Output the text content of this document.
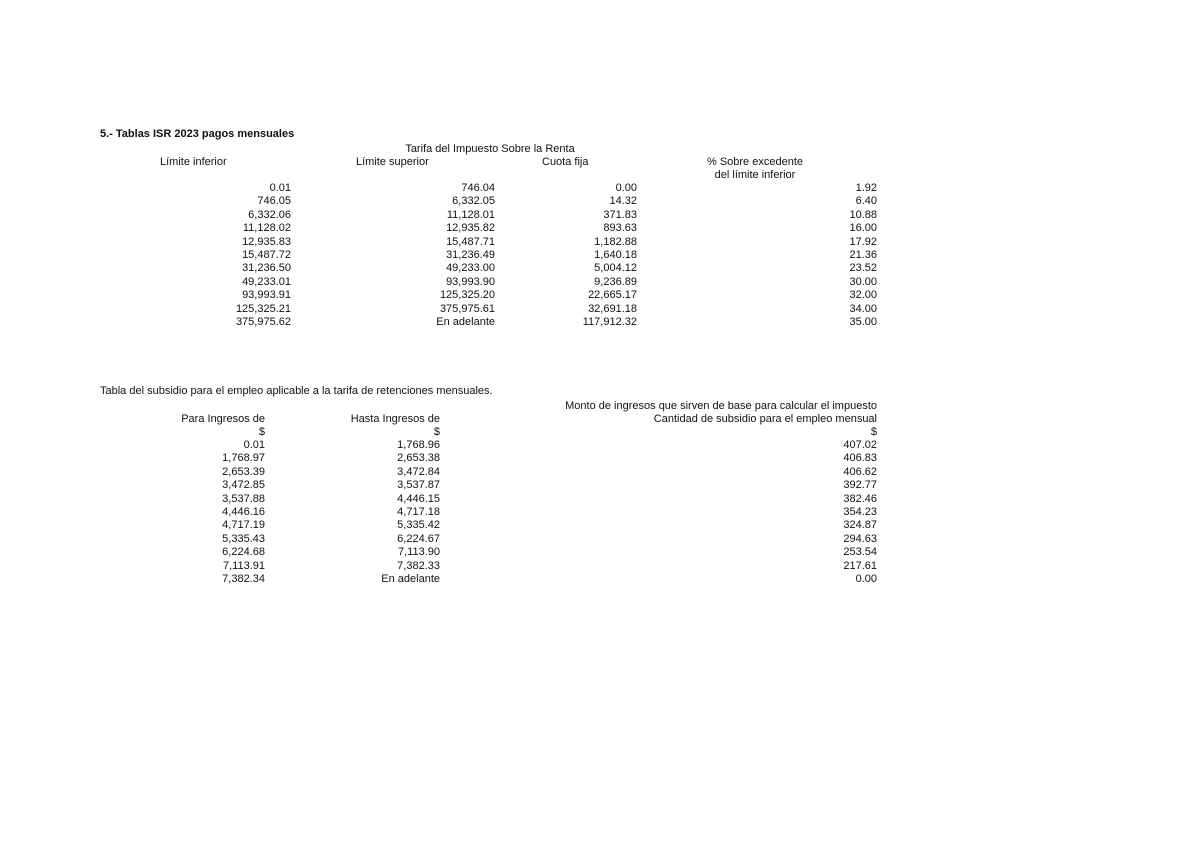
5.- Tablas ISR 2023 pagos mensuales
Tarifa del Impuesto Sobre la Renta
Límite inferior	Límite superior	Cuota fija	% Sobre excedente
del límite inferior
0.01	746.04	0.00	1.92
746.05	6,332.05	14.32	6.40
6,332.06	11,128.01	371.83	10.88
11,128.02	12,935.82	893.63	16.00
12,935.83	15,487.71	1,182.88	17.92
15,487.72	31,236.49	1,640.18	21.36
31,236.50	49,233.00	5,004.12	23.52
49,233.01	93,993.90	9,236.89	30.00
93,993.91	125,325.20	22,665.17	32.00
125,325.21	375,975.61	32,691.18	34.00
375,975.62	En adelante	117,912.32	35.00
Tabla del subsidio para el empleo aplicable a la tarifa de retenciones mensuales.
Monto de ingresos que sirven de base para calcular el impuesto
Para Ingresos de	Hasta Ingresos de	Cantidad de subsidio para el empleo mensual
$	$	$
0.01	1,768.96	407.02
1,768.97	2,653.38	406.83
2,653.39	3,472.84	406.62
3,472.85	3,537.87	392.77
3,537.88	4,446.15	382.46
4,446.16	4,717.18	354.23
4,717.19	5,335.42	324.87
5,335.43	6,224.67	294.63
6,224.68	7,113.90	253.54
7,113.91	7,382.33	217.61
7,382.34	En adelante	0.00
